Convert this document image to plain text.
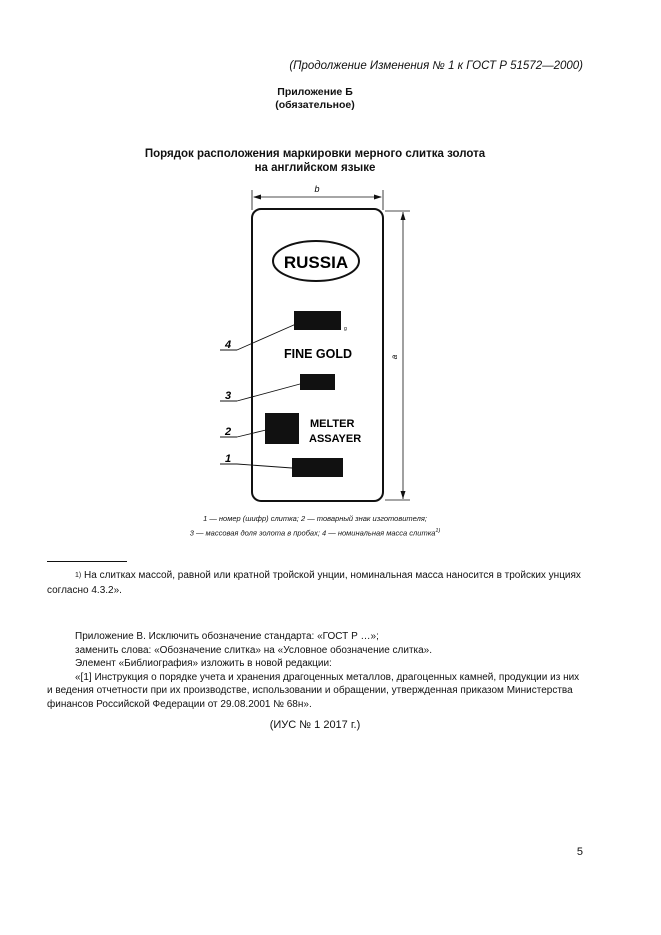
(Продолжение Изменения № 1 к ГОСТ Р 51572—2000)
Приложение Б
(обязательное)
Порядок расположения маркировки мерного слитка золота
на английском языке
b
a
RUSSIA
g
FINE GOLD
MELTER
ASSAYER
4
3
2
1
1 — номер (шифр) слитка; 2 — товарный знак изготовителя;
3 — массовая доля золота в пробах; 4 — номинальная масса слитка$^{1)}$
1) На слитках массой, равной или кратной тройской унции, номинальная масса наносится в тройских унциях согласно 4.3.2».

Приложение В. Исключить обозначение стандарта: «ГОСТ Р …»;

заменить слова: «Обозначение слитка» на «Условное обозначение слитка».

Элемент «Библиография» изложить в новой редакции:

«[1] Инструкция о порядке учета и хранения драгоценных металлов, драгоценных камней, продукции из них и ведения отчетности при их производстве, использовании и обращении, утвержденная приказом Министерства финансов Российской Федерации от 29.08.2001 № 68н».

(ИУС № 1 2017 г.)
5
